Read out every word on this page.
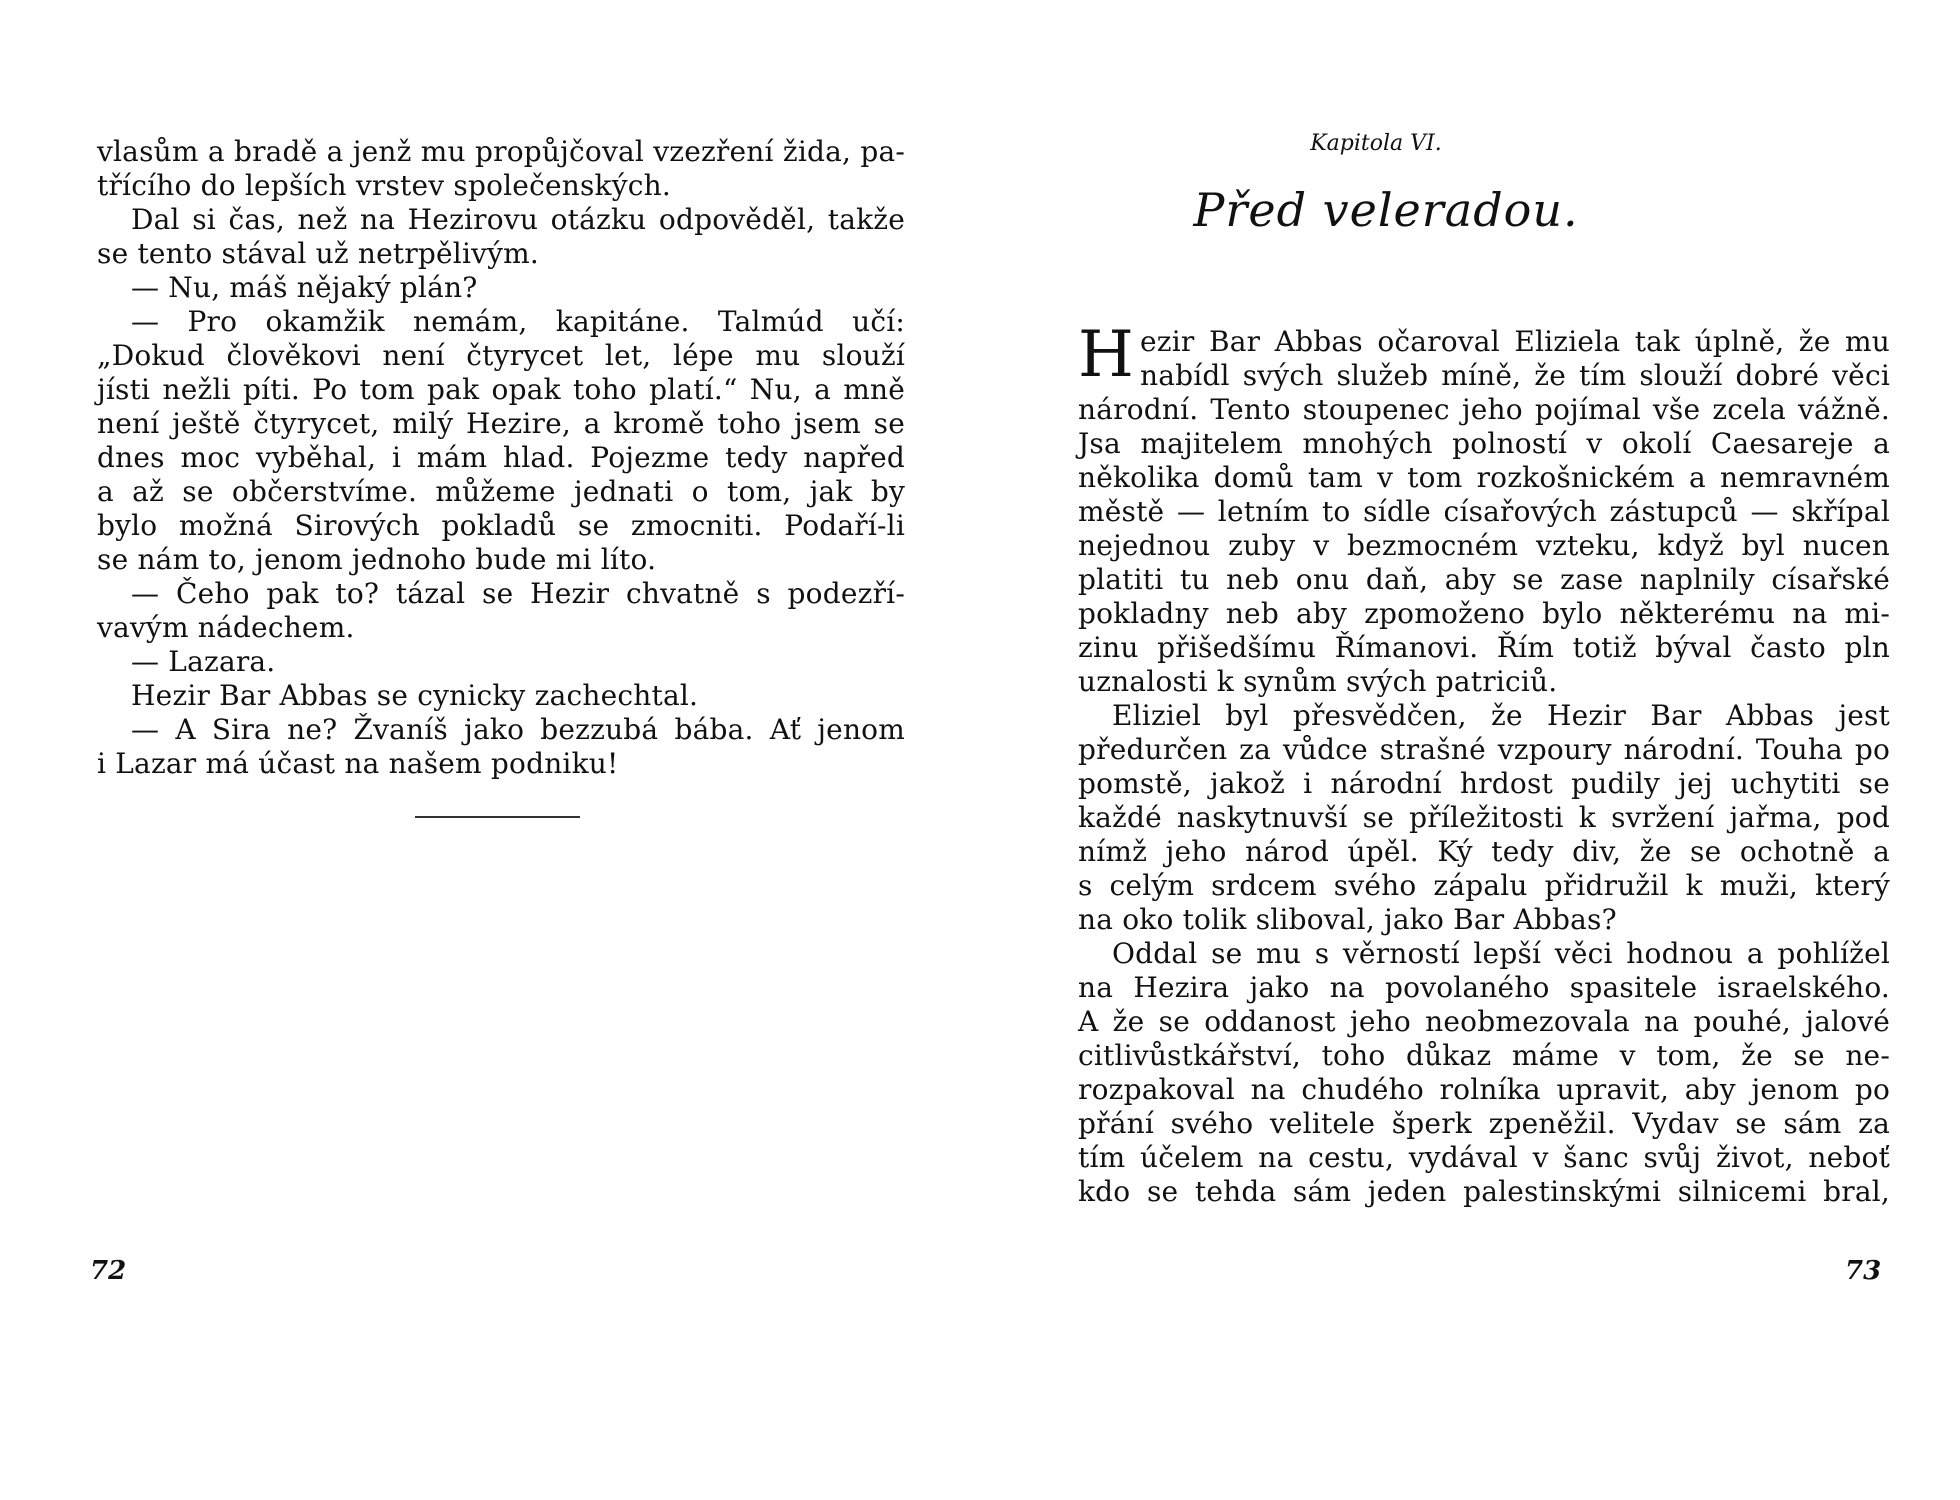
vlasům a bradě a jenž mu propůjčoval vzezření žida, pa-
třícího do lepších vrstev společenských.
Dal si čas, než na Hezirovu otázku odpověděl, takže
se tento stával už netrpělivým.
— Nu, máš nějaký plán?
— Pro okamžik nemám, kapitáne. Talmúd učí:
„Dokud člověkovi není čtyrycet let, lépe mu slouží
jísti nežli píti. Po tom pak opak toho platí.“ Nu, a mně
není ještě čtyrycet, milý Hezire, a kromě toho jsem se
dnes moc vyběhal, i mám hlad. Pojezme tedy napřed
a až se občerstvíme. můžeme jednati o tom, jak by
bylo možná Sirových pokladů se zmocniti. Podaří-li
se nám to, jenom jednoho bude mi líto.
— Čeho pak to? tázal se Hezir chvatně s podezří-
vavým nádechem.
— Lazara.
Hezir Bar Abbas se cynicky zachechtal.
— A Sira ne? Žvaníš jako bezzubá bába. Ať jenom
i Lazar má účast na našem podniku!
72
Kapitola VI.
Před veleradou.
H ezir Bar Abbas očaroval Eliziela tak úplně, že mu
nabídl svých služeb míně, že tím slouží dobré věci
národní. Tento stoupenec jeho pojímal vše zcela vážně.
Jsa majitelem mnohých polností v okolí Caesareje a
několika domů tam v tom rozkošnickém a nemravném
městě — letním to sídle císařových zástupců — skřípal
nejednou zuby v bezmocném vzteku, když byl nucen
platiti tu neb onu daň, aby se zase naplnily císařské
pokladny neb aby zpomoženo bylo některému na mi-
zinu přišedšímu Římanovi. Řím totiž býval často pln
uznalosti k synům svých patriciů.
Eliziel byl přesvědčen, že Hezir Bar Abbas jest
předurčen za vůdce strašné vzpoury národní. Touha po
pomstě, jakož i národní hrdost pudily jej uchytiti se
každé naskytnuvší se příležitosti k svržení jařma, pod
nímž jeho národ úpěl. Ký tedy div, že se ochotně a
s celým srdcem svého zápalu přidružil k muži, který
na oko tolik sliboval, jako Bar Abbas?
Oddal se mu s věrností lepší věci hodnou a pohlížel
na Hezira jako na povolaného spasitele israelského.
A že se oddanost jeho neobmezovala na pouhé, jalové
citlivůstkářství, toho důkaz máme v tom, že se ne-
rozpakoval na chudého rolníka upravit, aby jenom po
přání svého velitele šperk zpeněžil. Vydav se sám za
tím účelem na cestu, vydával v šanc svůj život, neboť
kdo se tehda sám jeden palestinskými silnicemi bral,
73
